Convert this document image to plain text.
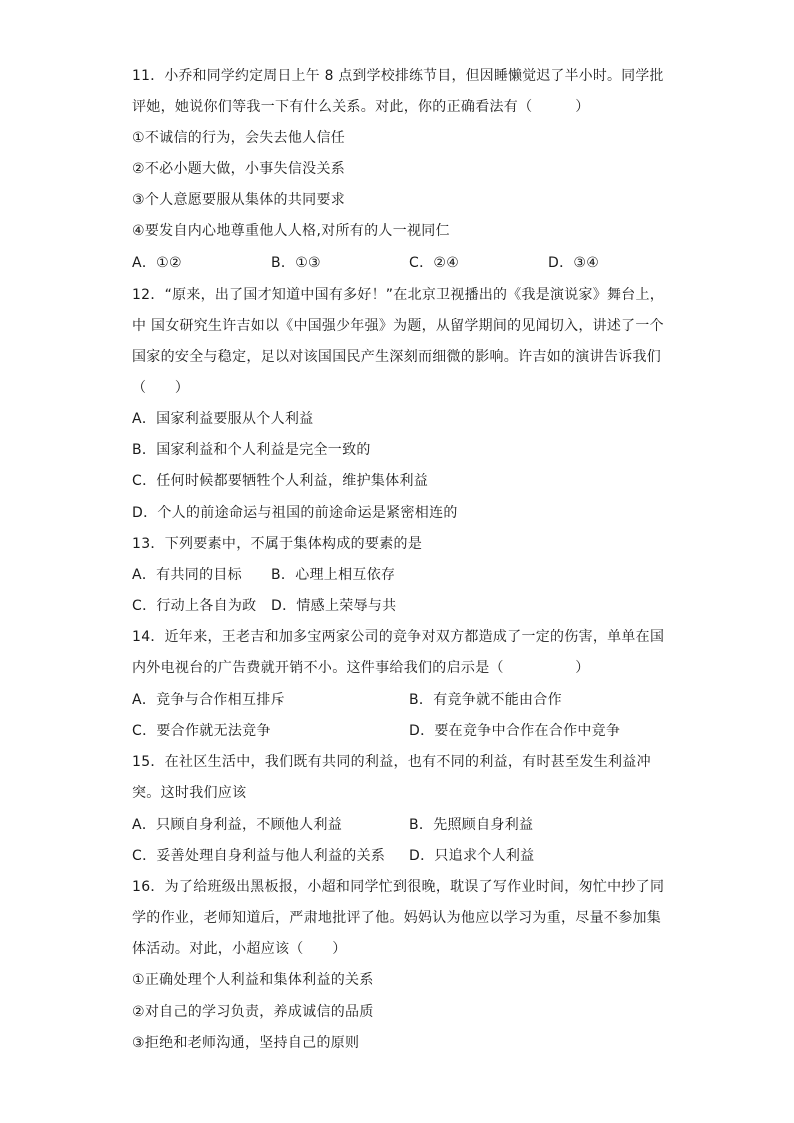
11．小乔和同学约定周日上午 8 点到学校排练节目，但因睡懒觉迟了半小时。同学批
评她，她说你们等我一下有什么关系。对此，你的正确看法有（　　　）
①不诚信的行为，会失去他人信任
②不必小题大做，小事失信没关系
③个人意愿要服从集体的共同要求
④要发自内心地尊重他人人格,对所有的人一视同仁
A．①②	B．①③	C．②④	D．③④
12．“原来，出了国才知道中国有多好！”在北京卫视播出的《我是演说家》舞台上，
中 国女研究生许吉如以《中国强少年强》为题，从留学期间的见闻切入，讲述了一个
国家的安全与稳定，足以对该国国民产生深刻而细微的影响。许吉如的演讲告诉我们
（　　）
A．国家利益要服从个人利益
B．国家利益和个人利益是完全一致的
C．任何时候都要牺牲个人利益，维护集体利益
D．个人的前途命运与祖国的前途命运是紧密相连的
13．下列要素中，不属于集体构成的要素的是
A．有共同的目标 B．心理上相互依存
C．行动上各自为政 D．情感上荣辱与共
14．近年来，王老吉和加多宝两家公司的竞争对双方都造成了一定的伤害，单单在国
内外电视台的广告费就开销不小。这件事给我们的启示是（　　　　　）
A．竞争与合作相互排斥	B．有竞争就不能由合作
C．要合作就无法竞争	D．要在竞争中合作在合作中竞争
15．在社区生活中，我们既有共同的利益，也有不同的利益，有时甚至发生利益冲
突。这时我们应该
A．只顾自身利益，不顾他人利益	B．先照顾自身利益
C．妥善处理自身利益与他人利益的关系 D．只追求个人利益
16．为了给班级出黑板报，小超和同学忙到很晚，耽误了写作业时间，匆忙中抄了同
学的作业，老师知道后，严肃地批评了他。妈妈认为他应以学习为重，尽量不参加集
体活动。对此，小超应该（　　）
①正确处理个人利益和集体利益的关系
②对自己的学习负责，养成诚信的品质
③拒绝和老师沟通，坚持自己的原则
